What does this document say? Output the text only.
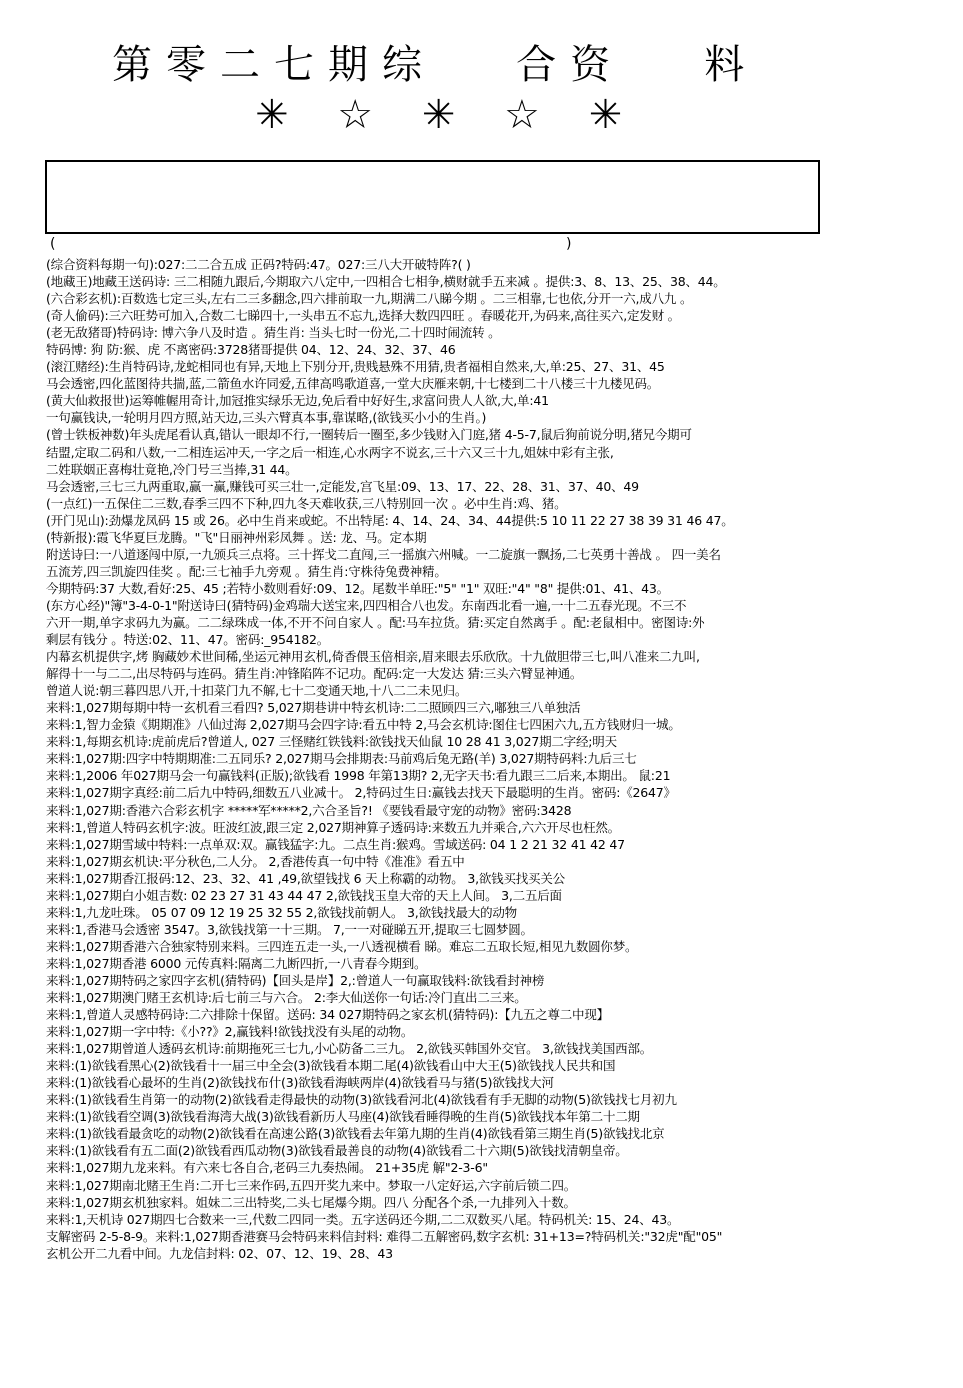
第零二七期综   合资   料
✳ ☆ ✳ ☆ ✳
(	)
(综合资料每期一句):027:二二合五成 正码?特码:47。027:三八大开破特阵?( )
(地藏王)地藏王送码诗: 三二相随九跟后,今期取六八定中,一四相合七相争,横财就手五来减 。提供:3、8、13、25、38、44。
(六合彩玄机):百数选七定三头,左右二三多翻念,四六排前取一九,期满二八睇今期 。二三相靠,七也依,分开一六,成八九 。
(奇人偷码):三六旺势可加入,合数二七睇四十,一头串五不忘九,选择大数四四旺 。春暖花开,为码来,高往买六,定发财 。
(老无敌猪哥)特码诗: 博六争八及时造 。猜生肖: 当头七时一份光,二十四时闹流转 。
特码博: 狗 防:猴、虎 不离密码:3728猪哥提供 04、12、24、32、37、46
(滚江赌经):生肖特码诗,龙蛇相同也有异,天地上下别分开,贵贱悬殊不用猜,贵者福相自然来,大,单:25、27、31、45
马会透密,四化蓝图待共揣,蓝,二箭鱼水许同爱,五律高鸣歌道喜,一堂大庆雁来朝,十七楼到二十八楼三十九楼见码。
(黄大仙救报世)运筹帷幄用奇计,加冠推实绿乐无边,免后看中好好生,求富问贵人人欲,大,单:41
一句赢钱诀,一轮明月四方照,站天边,三头六臂真本事,靠谋略,(欲钱买小小的生肖。)
(曾士铁板神数)年头虎尾看认真,错认一眼却不行,一圈转后一圈至,多少钱财入门庭,猪 4-5-7,鼠后狗前说分明,猪兄今期可
结盟,定取二码和八数,一二相连运冲天,一字之后一相连,心水两字不说玄,三十六又三十九,姐妹中彩有主张,
二姓联姻正喜梅壮竟艳,冷门号三当捧,31 44。
马会透密,三七三九两重取,赢一赢,赚钱可买三壮一,定能发,宫飞星:09、13、17、22、28、31、37、40、49
(一点红)一五保住二三数,春季三四不下种,四九冬天难收获,三八特别回一次 。必中生肖:鸡、猪。
(开门见山):劲爆龙凤码 15 或 26。必中生肖来或蛇。不出特尾: 4、14、24、34、44提供:5 10 11 22 27 38 39 31 46 47。
(特新报):霞飞华夏巨龙腾。"飞"日丽神州彩凤舞 。送: 龙、马。定本期
附送诗曰:一八道逐闯中原,一九颁兵三点将。三十挥戈二直闯,三一摇旗六州喊。一二旋旗一飘扬,二七英勇十善战 。 四一美名
五流芳,四三凯旋四佳奖 。配:三七袖手九旁观 。猜生肖:守株待兔费神精。
今期特码:37 大数,看好:25、45 ;若特小数则看好:09、12。尾数半单旺:"5" "1" 双旺:"4" "8" 提供:01、41、43。
(东方心经)"簿"3-4-0-1"附送诗曰(猜特码)金鸡瑞大送宝来,四四相合八也发。东南西北看一遍,一十二五春光现。不三不
六开一期,单字求码九为赢。二二绿珠成一体,不开不问自家人 。配:马车拉货。猜:买定自然离手 。配:老鼠相中。密图诗:外
剩层有钱分 。特送:02、11、47。密码:_954182。
内幕玄机提供字,烤 胸藏妙术世间稀,坐运元神用玄机,倚香偎玉倍相亲,眉来眼去乐欣欣。十九做胆带三七,叫八准来二九叫,
解得十一与二二,出尽特码与连码。猜生肖:冲锋陷阵不记功。配码:定一大发达 猜:三头六臂显神通。
曾道人说:朝三暮四思八开,十扣菜门九不解,七十二变通天地,十八二二未见归。
来料:1,027期每期中特一玄机看三看四? 5,027期巷讲中特玄机诗:二二照顾四三六,嘟独三八单独活
来料:1,智力金猿《期期准》八仙过海 2,027期马会四字诗:看五中特 2,马会玄机诗:图住七四困六九,五方钱财归一城。
来料:1,每期玄机诗:虎前虎后?曾道人, 027 三怪赌红铁钱料:欲钱找天仙鼠 10 28 41 3,027期二字经;明天
来料:1,027期:四字中特期期准:二五同乐? 2,027期马会排期表:马前鸡后兔无路(羊) 3,027期特码料:九后三七
来料:1,2006 年027期马会一句赢钱料(正版);欲钱看 1998 年第13期? 2,无字天书:看九跟三二后来,本期出。 鼠:21
来料:1,027期字真经:前二后九中特码,细数五八业减十。 2,特码过生日:赢钱去找天下最聪明的生肖。密码:《2647》
来料:1,027期:香港六合彩玄机字 *****军*****2,六合圣旨?! 《要钱看最守宠的动物》密码:3428
来料:1,曾道人特码玄机字:波。旺波红波,跟三定 2,027期神算子透码诗:来数五九并乘合,六六开尽也枉然。
来料:1,027期雪域中特料:一点单双:双。赢钱猛字:九。二点生肖:猴鸡。雪域送码: 04 1 2 21 32 41 42 47
来料:1,027期玄机诀:平分秋色,二人分。 2,香港传真一句中特《准准》看五中
来料:1,027期香江报码:12、23、32、41 ,49,欲望钱找 6 天上称霸的动物。 3,欲钱买找买关公
来料:1,027期白小姐吉数: 02 23 27 31 43 44 47 2,欲钱找玉皇大帝的天上人间。 3,二五后面
来料:1,九龙吐珠。 05 07 09 12 19 25 32 55 2,欲钱找前朝人。 3,欲钱找最大的动物
来料:1,香港马会透密 3547。3,欲钱找第一十三期。 7,一一对碰睇五开,提取三七圆梦圆。
来料:1,027期香港六合独家特别来料。三四连五走一头,一八透视横看 睇。难忘二五取长短,相见九数圆你梦。
来料:1,027期香港 6000 元传真料:隔离二九断四折,一八青春今期到。
来料:1,027期特码之家四字玄机(猜特码)【回头是岸】2,:曾道人一句赢取钱料:欲钱看封神榜
来料:1,027期澳门赌王玄机诗:后七前三与六合。 2:李大仙送你一句话:冷门直出二三来。
来料:1,曾道人灵感特码诗:二六排除十保留。送码: 34 027期特码之家玄机(猜特码):【九五之尊二中现】
来料:1,027期一字中特:《小??》2,赢钱料!欲钱找没有头尾的动物。
来料:1,027期曾道人透码玄机诗:前期拖死三七九,小心防备二三九。 2,欲钱买韩国外交官。 3,欲钱找美国西部。
来料:(1)欲钱看黑心(2)欲钱看十一届三中全会(3)欲钱看本期二尾(4)欲钱看山中大王(5)欲钱找人民共和国
来料:(1)欲钱看心最坏的生肖(2)欲钱找布什(3)欲钱看海峡两岸(4)欲钱看马与猪(5)欲钱找大河
来料:(1)欲钱看生肖第一的动物(2)欲钱看走得最快的动物(3)欲钱看河北(4)欲钱看有手无脚的动物(5)欲钱找七月初九
来料:(1)欲钱看空调(3)欲钱看海湾大战(3)欲钱看新历人马座(4)欲钱看睡得晚的生肖(5)欲钱找本年第二十二期
来料:(1)欲钱看最贪吃的动物(2)欲钱看在高速公路(3)欲钱看去年第九期的生肖(4)欲钱看第三期生肖(5)欲钱找北京
来料:(1)欲钱看有五二面(2)欲钱看西瓜动物(3)欲钱看最善良的动物(4)欲钱看二十六期(5)欲钱找清朝皇帝。
来料:1,027期九龙来料。有六来七各自合,老码三九奏热闹。 21+35虎 解"2-3-6"
来料:1,027期南北赌王生肖:二开七三来作码,五四开奖九来中。梦取一八定好运,六字前后锁二四。
来料:1,027期玄机独家料。姐妹二三出特奖,二头七尾爆今期。四八 分配各个杀,一九排列入十数。
来料:1,天机诗 027期四七合数来一三,代数二四同一类。五字送码还今期,二二双数买八尾。特码机关: 15、24、43。
支解密码 2-5-8-9。来料:1,027期香港赛马会特码来料信封料: 难得二五解密码,数字玄机: 31+13=?特码机关:"32虎"配"05"
玄机公开二九看中间。九龙信封料: 02、07、12、19、28、43
